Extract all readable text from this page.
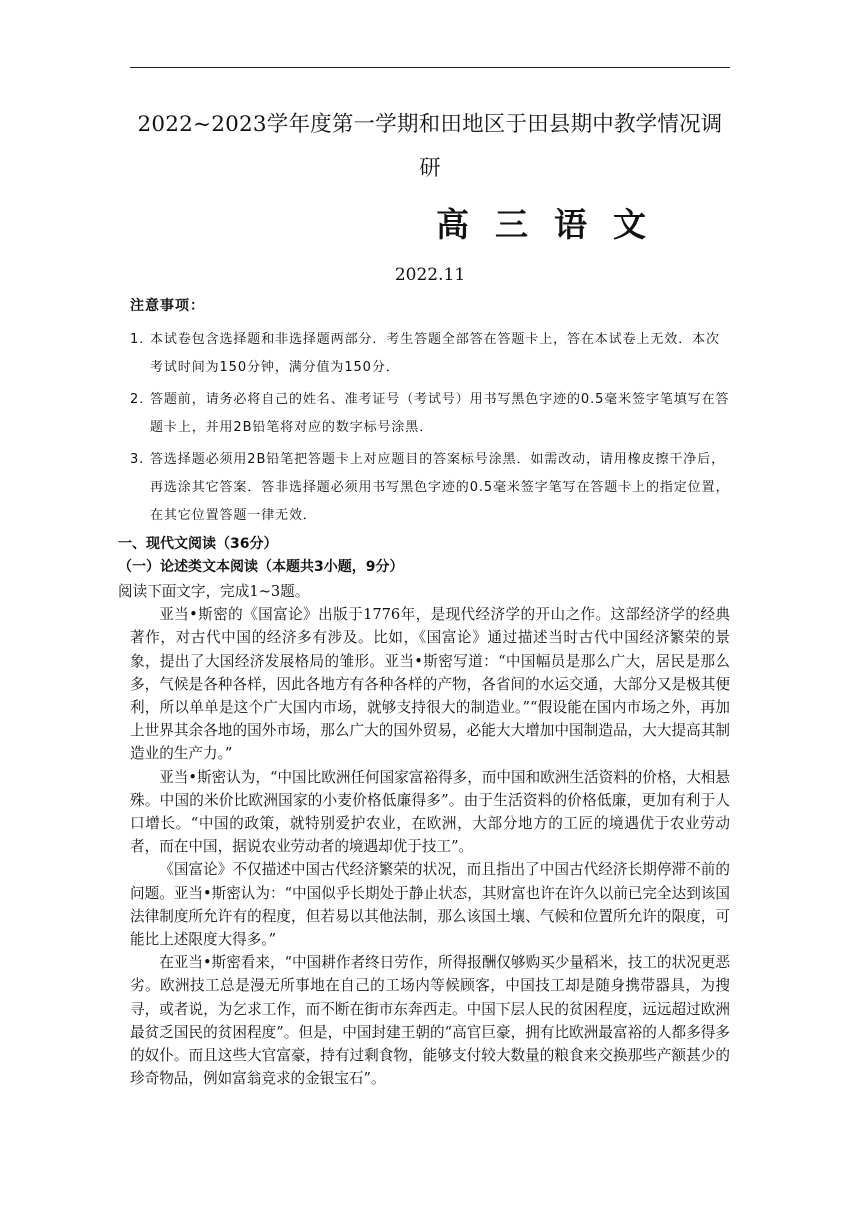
2022~2023学年度第一学期和田地区于田县期中教学情况调研
高三语文
2022.11
注意事项：
1. 本试卷包含选择题和非选择题两部分．考生答题全部答在答题卡上，答在本试卷上无效．本次考试时间为150分钟，满分值为150分．
2. 答题前，请务必将自己的姓名、准考证号（考试号）用书写黑色字迹的0.5毫米签字笔填写在答题卡上，并用2B铅笔将对应的数字标号涂黑．
3. 答选择题必须用2B铅笔把答题卡上对应题目的答案标号涂黑．如需改动，请用橡皮擦干净后，再选涂其它答案．答非选择题必须用书写黑色字迹的0.5毫米签字笔写在答题卡上的指定位置，在其它位置答题一律无效．
一、现代文阅读（36分）
（一）论述类文本阅读（本题共3小题，9分）

阅读下面文字，完成1~3题。

亚当•斯密的《国富论》出版于1776年，是现代经济学的开山之作。这部经济学的经典著作，对古代中国的经济多有涉及。比如，《国富论》通过描述当时古代中国经济繁荣的景象，提出了大国经济发展格局的雏形。亚当•斯密写道：“中国幅员是那么广大，居民是那么多，气候是各种各样，因此各地方有各种各样的产物，各省间的水运交通，大部分又是极其便利，所以单单是这个广大国内市场，就够支持很大的制造业。”“假设能在国内市场之外，再加上世界其余各地的国外市场，那么广大的国外贸易，必能大大增加中国制造品，大大提高其制造业的生产力。”

亚当•斯密认为，“中国比欧洲任何国家富裕得多，而中国和欧洲生活资料的价格，大相悬殊。中国的米价比欧洲国家的小麦价格低廉得多”。由于生活资料的价格低廉，更加有利于人口增长。“中国的政策，就特别爱护农业，在欧洲，大部分地方的工匠的境遇优于农业劳动者，而在中国，据说农业劳动者的境遇却优于技工”。

《国富论》不仅描述中国古代经济繁荣的状况，而且指出了中国古代经济长期停滞不前的问题。亚当•斯密认为：“中国似乎长期处于静止状态，其财富也许在许久以前已完全达到该国法律制度所允许有的程度，但若易以其他法制，那么该国土壤、气候和位置所允许的限度，可能比上述限度大得多。”

在亚当•斯密看来，“中国耕作者终日劳作，所得报酬仅够购买少量稻米，技工的状况更恶劣。欧洲技工总是漫无所事地在自己的工场内等候顾客，中国技工却是随身携带器具，为搜寻，或者说，为乞求工作，而不断在街市东奔西走。中国下层人民的贫困程度，远远超过欧洲最贫乏国民的贫困程度”。但是，中国封建王朝的“高官巨豪，拥有比欧洲最富裕的人都多得多的奴仆。而且这些大官富豪，持有过剩食物，能够支付较大数量的粮食来交换那些产额甚少的珍奇物品，例如富翁竞求的金银宝石”。
